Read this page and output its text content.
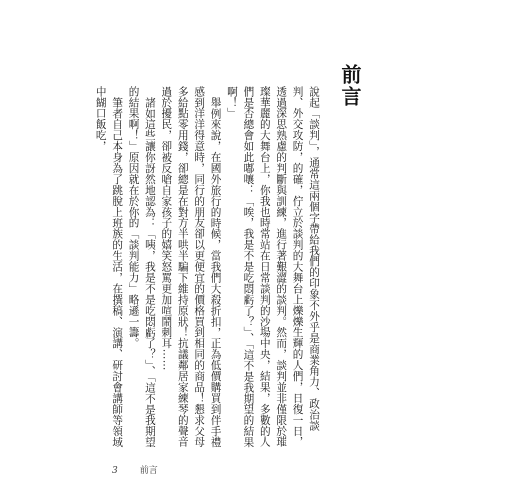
前言

說起「談判」，通常這兩個字帶給我們的印象不外乎是商業角力、政治談判、外交攻防，的確，佇立於談判的大舞台上爍爍生輝的人們，日復一日，透過深思熟慮的判斷與訓練，進行著艱澀的談判。然而，談判並非僅限於璀璨華麗的大舞台上，你我也時常站在日常談判的沙場中央，結果，多數的人們是否總會如此嘟嚷：「唉，我是不是吃悶虧了？」、「這不是我期望的結果啊！」

舉例來說，在國外旅行的時候，當我們大殺折扣，正為低價購買到伴手禮感到洋洋得意時，同行的朋友卻以更便宜的價格買到相同的商品！懇求父母多給點零用錢，卻總是在對方半哄半騙下維持原狀！抗議鄰居家練琴的聲音過於擾民，卻被反嗆自家孩子的嬉笑怒罵更加喧鬧刺耳……

諸如這些讓你訝然地認為：「咦，我是不是吃悶虧了？」、「這不是我期望的結果啊！」原因就在於你的「談判能力」略遜一籌。

筆者自己本身為了跳脫上班族的生活，在撰稿、演講、研討會講師等領域中餬口飯吃，

3 前言
